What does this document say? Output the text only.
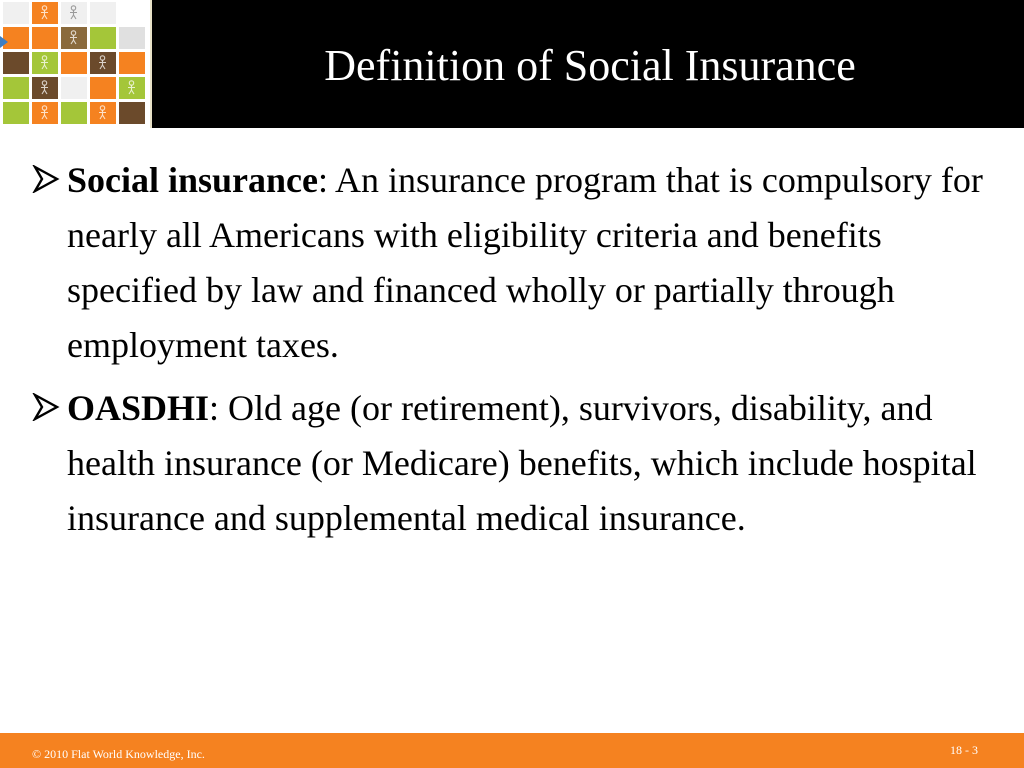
Definition of Social Insurance
Social insurance: An insurance program that is compulsory for nearly all Americans with eligibility criteria and benefits specified by law and financed wholly or partially through employment taxes.
OASDHI: Old age (or retirement), survivors, disability, and health insurance (or Medicare) benefits, which include hospital insurance and supplemental medical insurance.
© 2010 Flat World Knowledge, Inc.	18 - 3
